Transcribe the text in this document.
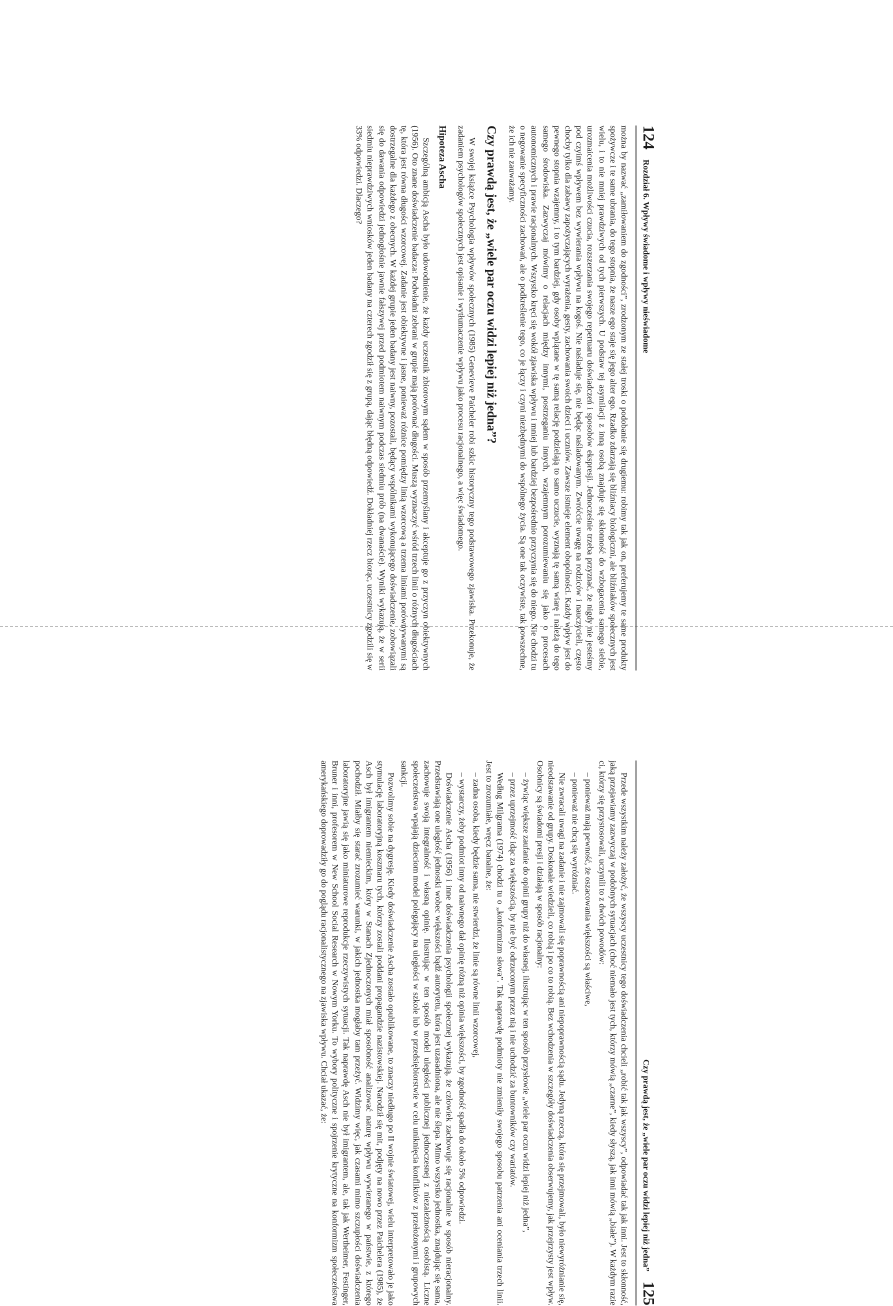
124
Rozdział 6. Wpływy świadome i wpływy nieświadome

można by nazwać „zamiłowaniem do zgodności”, zrodzonym ze stałej troski o podobanie się drugiemu: robimy tak jak on, preferujemy te same produkty spożywcze i te same ubrania, do tego stopnia, że nasze ego staje się jego alter ego. Rzadko zdarzają się bliźniacy biologiczni, ale bliźniaków społecznych jest wielu, i to nie mniej prawdziwych od tych pierwszych. U podstaw tej asymilacji z inną osobą znajduje się skłonność do wzbogacenia samego siebie, urozmaicenia możliwości czucia, rozszerzania swojego repertuaru doświadczeń i sposobów ekspresji. Jednocześnie trzeba przyznać, że nigdy nie jesteśmy pod czyimś wpływem bez wywierania wpływu na kogoś. Nie naśladuje się, nie będąc naśladowanym. Zwróćcie uwagę na rodziców i nauczycieli, często chocby tylko dla zabawy zapożyczających wyrażenia, gesty, zachowania swoich dzieci i uczniów. Zawsze istnieje element obopólności. Każdy wpływ jest do pewnego stopnia wzajemny, i to tym bardziej, gdy osoby wplątane w tę samą relację podzielają to samo uczucie, wyznają tę samą wiarę i należą do tego samego środowiska. Zazwyczaj mówimy o relacjach między innymi, postrzeganiu innych, wzajemnym porozumiewaniu się jako o procesach autonomicznych i prawie racjonalnych. Wszystko kręci się wokół zjawiska wpływu i mniej lub bardziej bezpośrednio przyczynia się do niego. Nie chodzi tu o negowanie specyficzności zachowań, ale o podkreślenie tego, co je łączy i czyni niezbędnymi do wspólnego życia. Są one tak oczywiste, tak powszechne, że ich nie zauważamy.

Czy prawdą jest, że „wiele par oczu widzi lepiej niż jedna”?

W swojej książce Psychologia wpływów społecznych (1985) Genevieve Paicheler robi szkic historyczny tego podstawowego zjawiska. Przekonuje, że zadaniem psychologów społecznych jest opisanie i wytłumaczenie wpływu jako procesu racjonalnego, a więc świadomego.

Hipoteza Ascha

Szczególną ambicją Ascha było udowodnienie, że każdy uczestnik zbiorowym sądem w sposób przemyślany i akceptuje go z przyczyn obiektywnych (1956). Oto znane doświadczenie badacza: Podwładni zebrani w grupie mają porównać długości. Muszą wyznaczyć wśród trzech linii o różnych długościach tę, która jest równa długości wzorcowej. Zadanie jest obiektywne i jasne, ponieważ różnice pomiędzy linią wzorcową a trzema liniami porównywanymi są dostrzegalne dla każdego z obecnych. W każdej grupie jeden badany jest naiwny, pozostali, będący wspólnikami wykonującego doświadczenie, zobowiązali się do dawania odpowiedzi jednogłośnie jawnie fałszywej przed podmiotem naiwnym podczas siedmiu prób (na dwanaście). Wyniki wykazują, że w serii siedmiu nieprawdziwych wniosków jeden badany na czterech zgodził się z grupą, dając błędną odpowiedź. Dokładniej rzecz biorąc, uczestnicy zgodzili się w 33% odpowiedzi. Dlaczego?

Czy prawdą jest, że „wiele par oczu widzi lepiej niż jedna”
125

Przede wszystkim należy założyć, że wszyscy uczestnicy tego doświadczenia chcieli „robić tak jak wszyscy”, odpowiadać tak jak inni. Jest to skłonność, jaką przejawiamy zazwyczaj w podobnych sytuacjach (choć niemało jest tych, którzy mówią „czarne”, kiedy słyszą, jak inni mówią „białe”). W każdym razie ci, którzy się przystosowali, uczynili to z dwóch powodów:

– ponieważ mają pewność, że oszacowania większości są właściwe,

– ponieważ nie chcą się wyróżniać.

Nie zwracali uwagi na zadanie i nie zajmowali się poprawnością ani niepoprawnością sądu. Jedyną rzeczą, która się przejmowali, było niewyróżnianie się, nieodstawanie od grupy. Doskonale wiedzieli, co robią i po co to robią. Bez wchodzenia w szczegóły doświadczenia obserwujemy, jak przejrzysty jest wpływ. Osobnicy są świadomi presji i działają w sposób racjonalny:

– żywiąc większe zaufanie do opinii grupy niż do własnej, ilustrując w ten sposób przysłowie „wiele par oczu widzi lepiej niż jedna”,

– przez uprzejmość idąc za większością, by nie być odrzuconym przez nią i nie uchodzić za buntowników czy wariatów.

Według Milgrama (1974) chodzi tu o „konformizm słowa”. Tak naprawdę podmioty nie zmieniły swojego sposobu patrzenia ani oceniania trzech linii. Jest to zrozumiałe, wręcz banalne, że:

– zadna osoba, kiedy będzie sama, nie stwierdzi, że linie są równe linii wzorcowej,

– wystarczy, żeby podmiot inny od naiwnego dał opinię różną niż opinia większości, by zgodność spadła do około 5% odpowiedzi.

Doświadczenie Ascha (1956) i inne doświadczenia psychologii społecznej wykazują, że człowiek zachowuje się racjonalnie w sposób nieracjonalny. Przedstawiają one uległość jednostki wobec większości bądź autorytetu, która jest uzasadniona, ale nie ślepa. Mimo wszystko jednostka, znajdując się sama, zachowuje swoją integralność i własną opinię. Ilustrując w ten sposób model uległości publicznej jednoczesnej z niezależnością osobistą. Liczne społeczeństwa wpajają dzieciom model polegający na uległości w szkole lub w przedsiębiorstwie w celu uniknięcia konfliktów z przełożonymi i grupowych sankcji.

Pozwolimy sobie na dygresję. Kiedy doświadczenie Ascha zostało opublikowane, to znaczy niedługo po II wojnie światowej, wielu interpretowało je jako stymulację laboratoryjną koszmaru tych, którzy zostali poddani propagandzie nazistowskiej. Narodził się mit, podjęty na nowo przez Paichelera (1985), że Asch był imigrantem niemieckim, który w Stanach Zjednoczonych miał sposobność analizować naturę wpływu wywieranego w państwie, z którego pochodził. Miałby się starać zrozumieć warunki, w jakich jednostka mogłaby tam przeżyć. Widzimy więc, jak czasami mimo szczupłości doświadczenia laboratoryjne jawią się jako miniaturowe reprodukcje rzeczywistych sytuacji. Tak naprawdę Asch nie był imigrantem, ale, tak jak Wertheimer, Festinger, Bruner i inni, profesorem w New School Social Research w Nowym Yorku. To wybory polityczne i spojrzenie krytyczne na konformizm społeczeństwa amerykańskiego doprowadziły go do poglądu racjonalistycznego na zjawiska wpływu. Chciał ukazać, że:
